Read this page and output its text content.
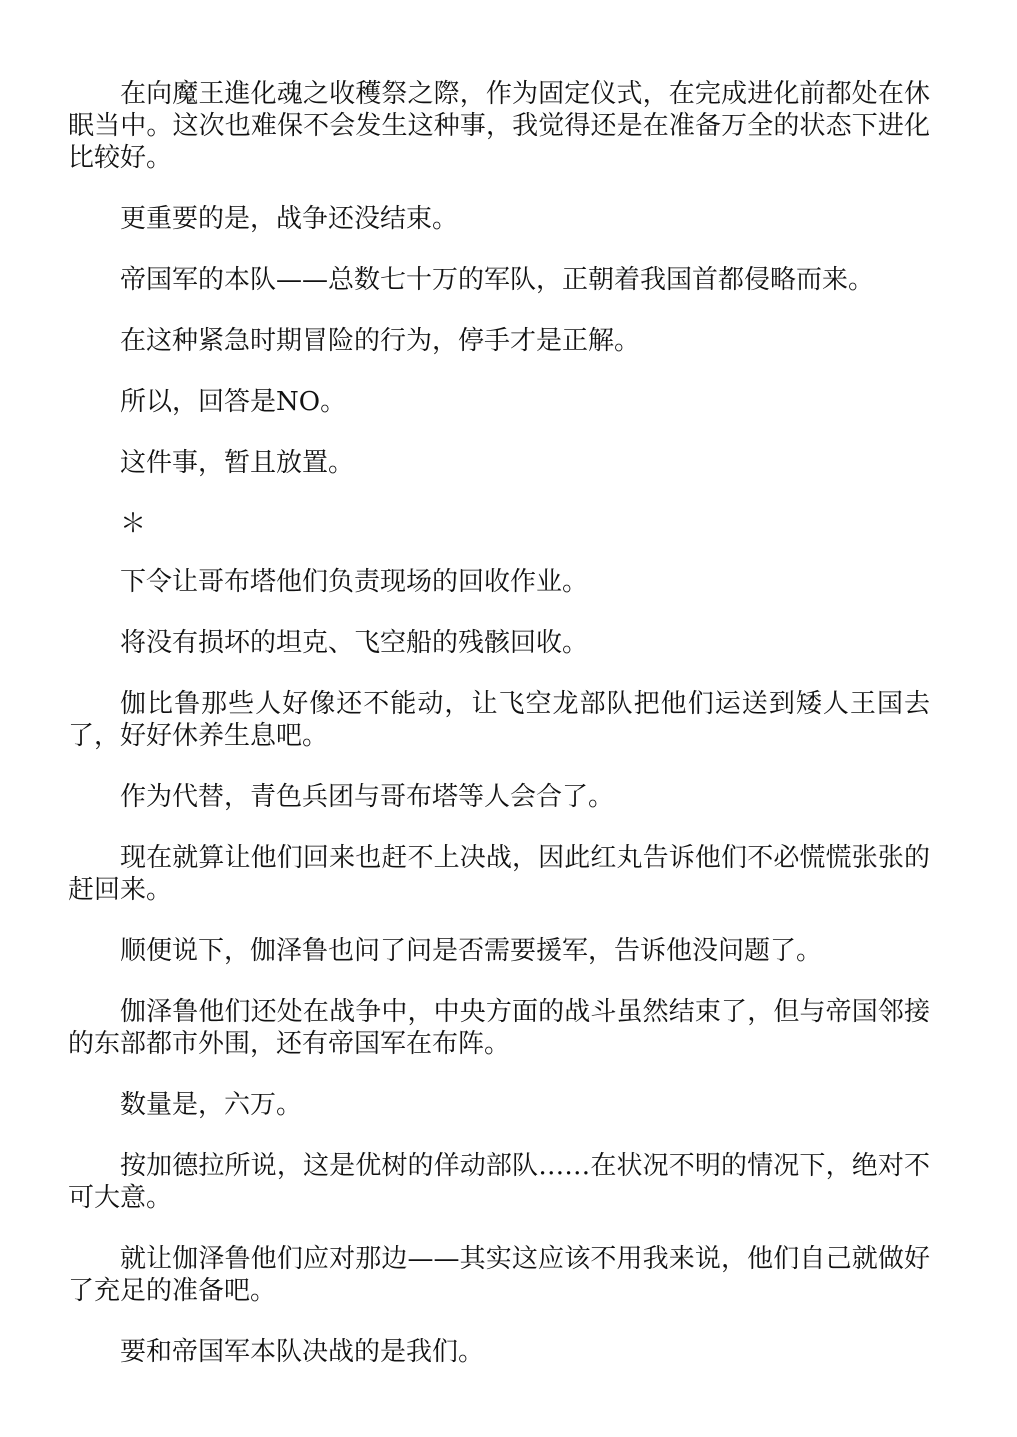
在向魔王進化魂之收穫祭之際，作为固定仪式，在完成进化前都处在休眠当中。这次也难保不会发生这种事，我觉得还是在准备万全的状态下进化比较好。

更重要的是，战争还没结束。

帝国军的本队——总数七十万的军队，正朝着我国首都侵略而来。

在这种紧急时期冒险的行为，停手才是正解。

所以，回答是NO。

这件事，暂且放置。

＊

下令让哥布塔他们负责现场的回收作业。

将没有损坏的坦克、飞空船的残骸回收。

伽比鲁那些人好像还不能动，让飞空龙部队把他们运送到矮人王国去了，好好休养生息吧。

作为代替，青色兵团与哥布塔等人会合了。

现在就算让他们回来也赶不上决战，因此红丸告诉他们不必慌慌张张的赶回来。

顺便说下，伽泽鲁也问了问是否需要援军，告诉他没问题了。

伽泽鲁他们还处在战争中，中央方面的战斗虽然结束了，但与帝国邻接的东部都市外围，还有帝国军在布阵。

数量是，六万。

按加德拉所说，这是优树的佯动部队……在状况不明的情况下，绝对不可大意。

就让伽泽鲁他们应对那边——其实这应该不用我来说，他们自己就做好了充足的准备吧。

要和帝国军本队决战的是我们。
